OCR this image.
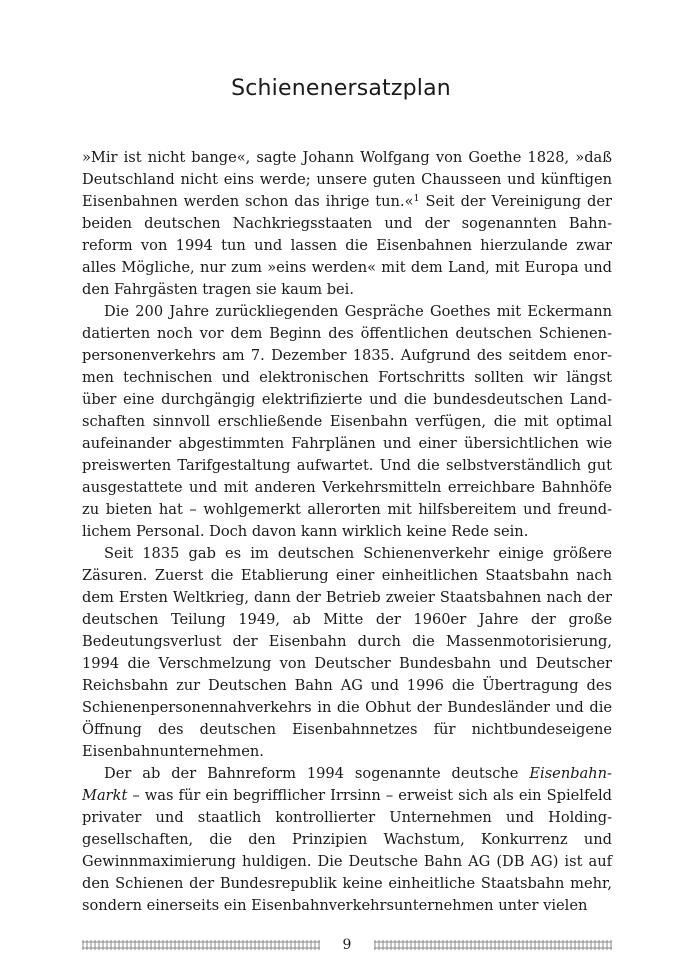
Schienenersatzplan

»Mir ist nicht bange«, sagte Johann Wolfgang von Goethe 1828, »daß Deutschland nicht eins werde; unsere guten Chausseen und künftigen Eisenbahnen werden schon das ihrige tun.«$^1$ Seit der Vereinigung der beiden deutschen Nachkriegsstaaten und der sogenannten Bahnreform von 1994 tun und lassen die Eisenbahnen hierzulande zwar alles Mögliche, nur zum »eins werden« mit dem Land, mit Europa und den Fahrgästen tragen sie kaum bei.

Die 200 Jahre zurückliegenden Gespräche Goethes mit Eckermann datierten noch vor dem Beginn des öffentlichen deutschen Schienenpersonenverkehrs am 7. Dezember 1835. Aufgrund des seitdem enormen technischen und elektronischen Fortschritts sollten wir längst über eine durchgängig elektrifizierte und die bundesdeutschen Landschaften sinnvoll erschließende Eisenbahn verfügen, die mit optimal aufeinander abgestimmten Fahrplänen und einer übersichtlichen wie preiswerten Tarifgestaltung aufwartet. Und die selbstverständlich gut ausgestattete und mit anderen Verkehrsmitteln erreichbare Bahnhöfe zu bieten hat – wohlgemerkt allerorten mit hilfsbereitem und freundlichem Personal. Doch davon kann wirklich keine Rede sein.

Seit 1835 gab es im deutschen Schienenverkehr einige größere Zäsuren. Zuerst die Etablierung einer einheitlichen Staatsbahn nach dem Ersten Weltkrieg, dann der Betrieb zweier Staatsbahnen nach der deutschen Teilung 1949, ab Mitte der 1960er Jahre der große Bedeutungsverlust der Eisenbahn durch die Massenmotorisierung, 1994 die Verschmelzung von Deutscher Bundesbahn und Deutscher Reichsbahn zur Deutschen Bahn AG und 1996 die Übertragung des Schienenpersonennahverkehrs in die Obhut der Bundesländer und die Öffnung des deutschen Eisenbahnnetzes für nichtbundeseigene Eisenbahnunternehmen.

Der ab der Bahnreform 1994 sogenannte deutsche Eisenbahn-Markt – was für ein begrifflicher Irrsinn – erweist sich als ein Spielfeld privater und staatlich kontrollierter Unternehmen und Holdinggesellschaften, die den Prinzipien Wachstum, Konkurrenz und Gewinnmaximierung huldigen. Die Deutsche Bahn AG (DB AG) ist auf den Schienen der Bundesrepublik keine einheitliche Staatsbahn mehr, sondern einerseits ein Eisenbahnverkehrsunternehmen unter vielen

9
